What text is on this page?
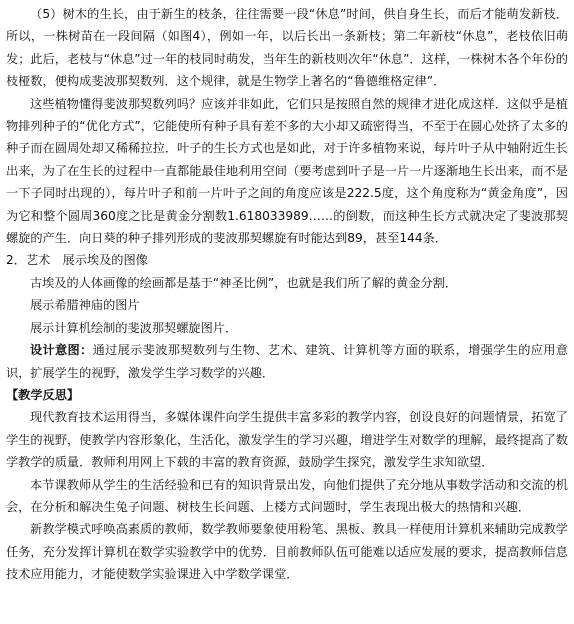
（5）树木的生长，由于新生的枝条，往往需要一段“休息”时间，供自身生长，而后才能萌发新枝．所以，一株树苗在一段间隔（如图4），例如一年，以后长出一条新枝；第二年新枝“休息”，老枝依旧萌发；此后，老枝与“休息”过一年的枝同时萌发，当年生的新枝则次年“休息”．这样，一株树木各个年份的枝桠数，便构成斐波那契数列．这个规律，就是生物学上著名的“鲁德维格定律”．

这些植物懂得斐波那契数列吗？应该并非如此，它们只是按照自然的规律才进化成这样．这似乎是植物排列种子的“优化方式”，它能使所有种子具有差不多的大小却又疏密得当，不至于在圆心处挤了太多的种子而在圆周处却又稀稀拉拉．叶子的生长方式也是如此，对于许多植物来说，每片叶子从中轴附近生长出来，为了在生长的过程中一直都能最佳地利用空间（要考虑到叶子是一片一片逐渐地生长出来，而不是一下子同时出现的），每片叶子和前一片叶子之间的角度应该是222.5度，这个角度称为“黄金角度”，因为它和整个圆周360度之比是黄金分割数1.618033989……的倒数，而这种生长方式就决定了斐波那契螺旋的产生．向日葵的种子排列形成的斐波那契螺旋有时能达到89，甚至144条．

2．艺术　展示埃及的图像

古埃及的人体画像的绘画都是基于“神圣比例”，也就是我们所了解的黄金分割．

展示希腊神庙的图片

展示计算机绘制的斐波那契螺旋图片．

设计意图：通过展示斐波那契数列与生物、艺术、建筑、计算机等方面的联系，增强学生的应用意识，扩展学生的视野，激发学生学习数学的兴趣．

【教学反思】

现代教育技术运用得当，多媒体课件向学生提供丰富多彩的教学内容，创设良好的问题情景，拓宽了学生的视野，使教学内容形象化，生活化，激发学生的学习兴趣，增进学生对数学的理解，最终提高了数学教学的质量．教师利用网上下载的丰富的教育资源，鼓励学生探究，激发学生求知欲望．

本节课教师从学生的生活经验和已有的知识背景出发，向他们提供了充分地从事数学活动和交流的机会，在分析和解决生兔子问题、树枝生长问题、上楼方式问题时，学生表现出极大的热情和兴趣．

新教学模式呼唤高素质的教师，数学教师要象使用粉笔、黑板、教具一样使用计算机来辅助完成教学任务，充分发挥计算机在数学实验教学中的优势．目前教师队伍可能难以适应发展的要求，提高教师信息技术应用能力，才能使数学实验课进入中学数学课堂．
